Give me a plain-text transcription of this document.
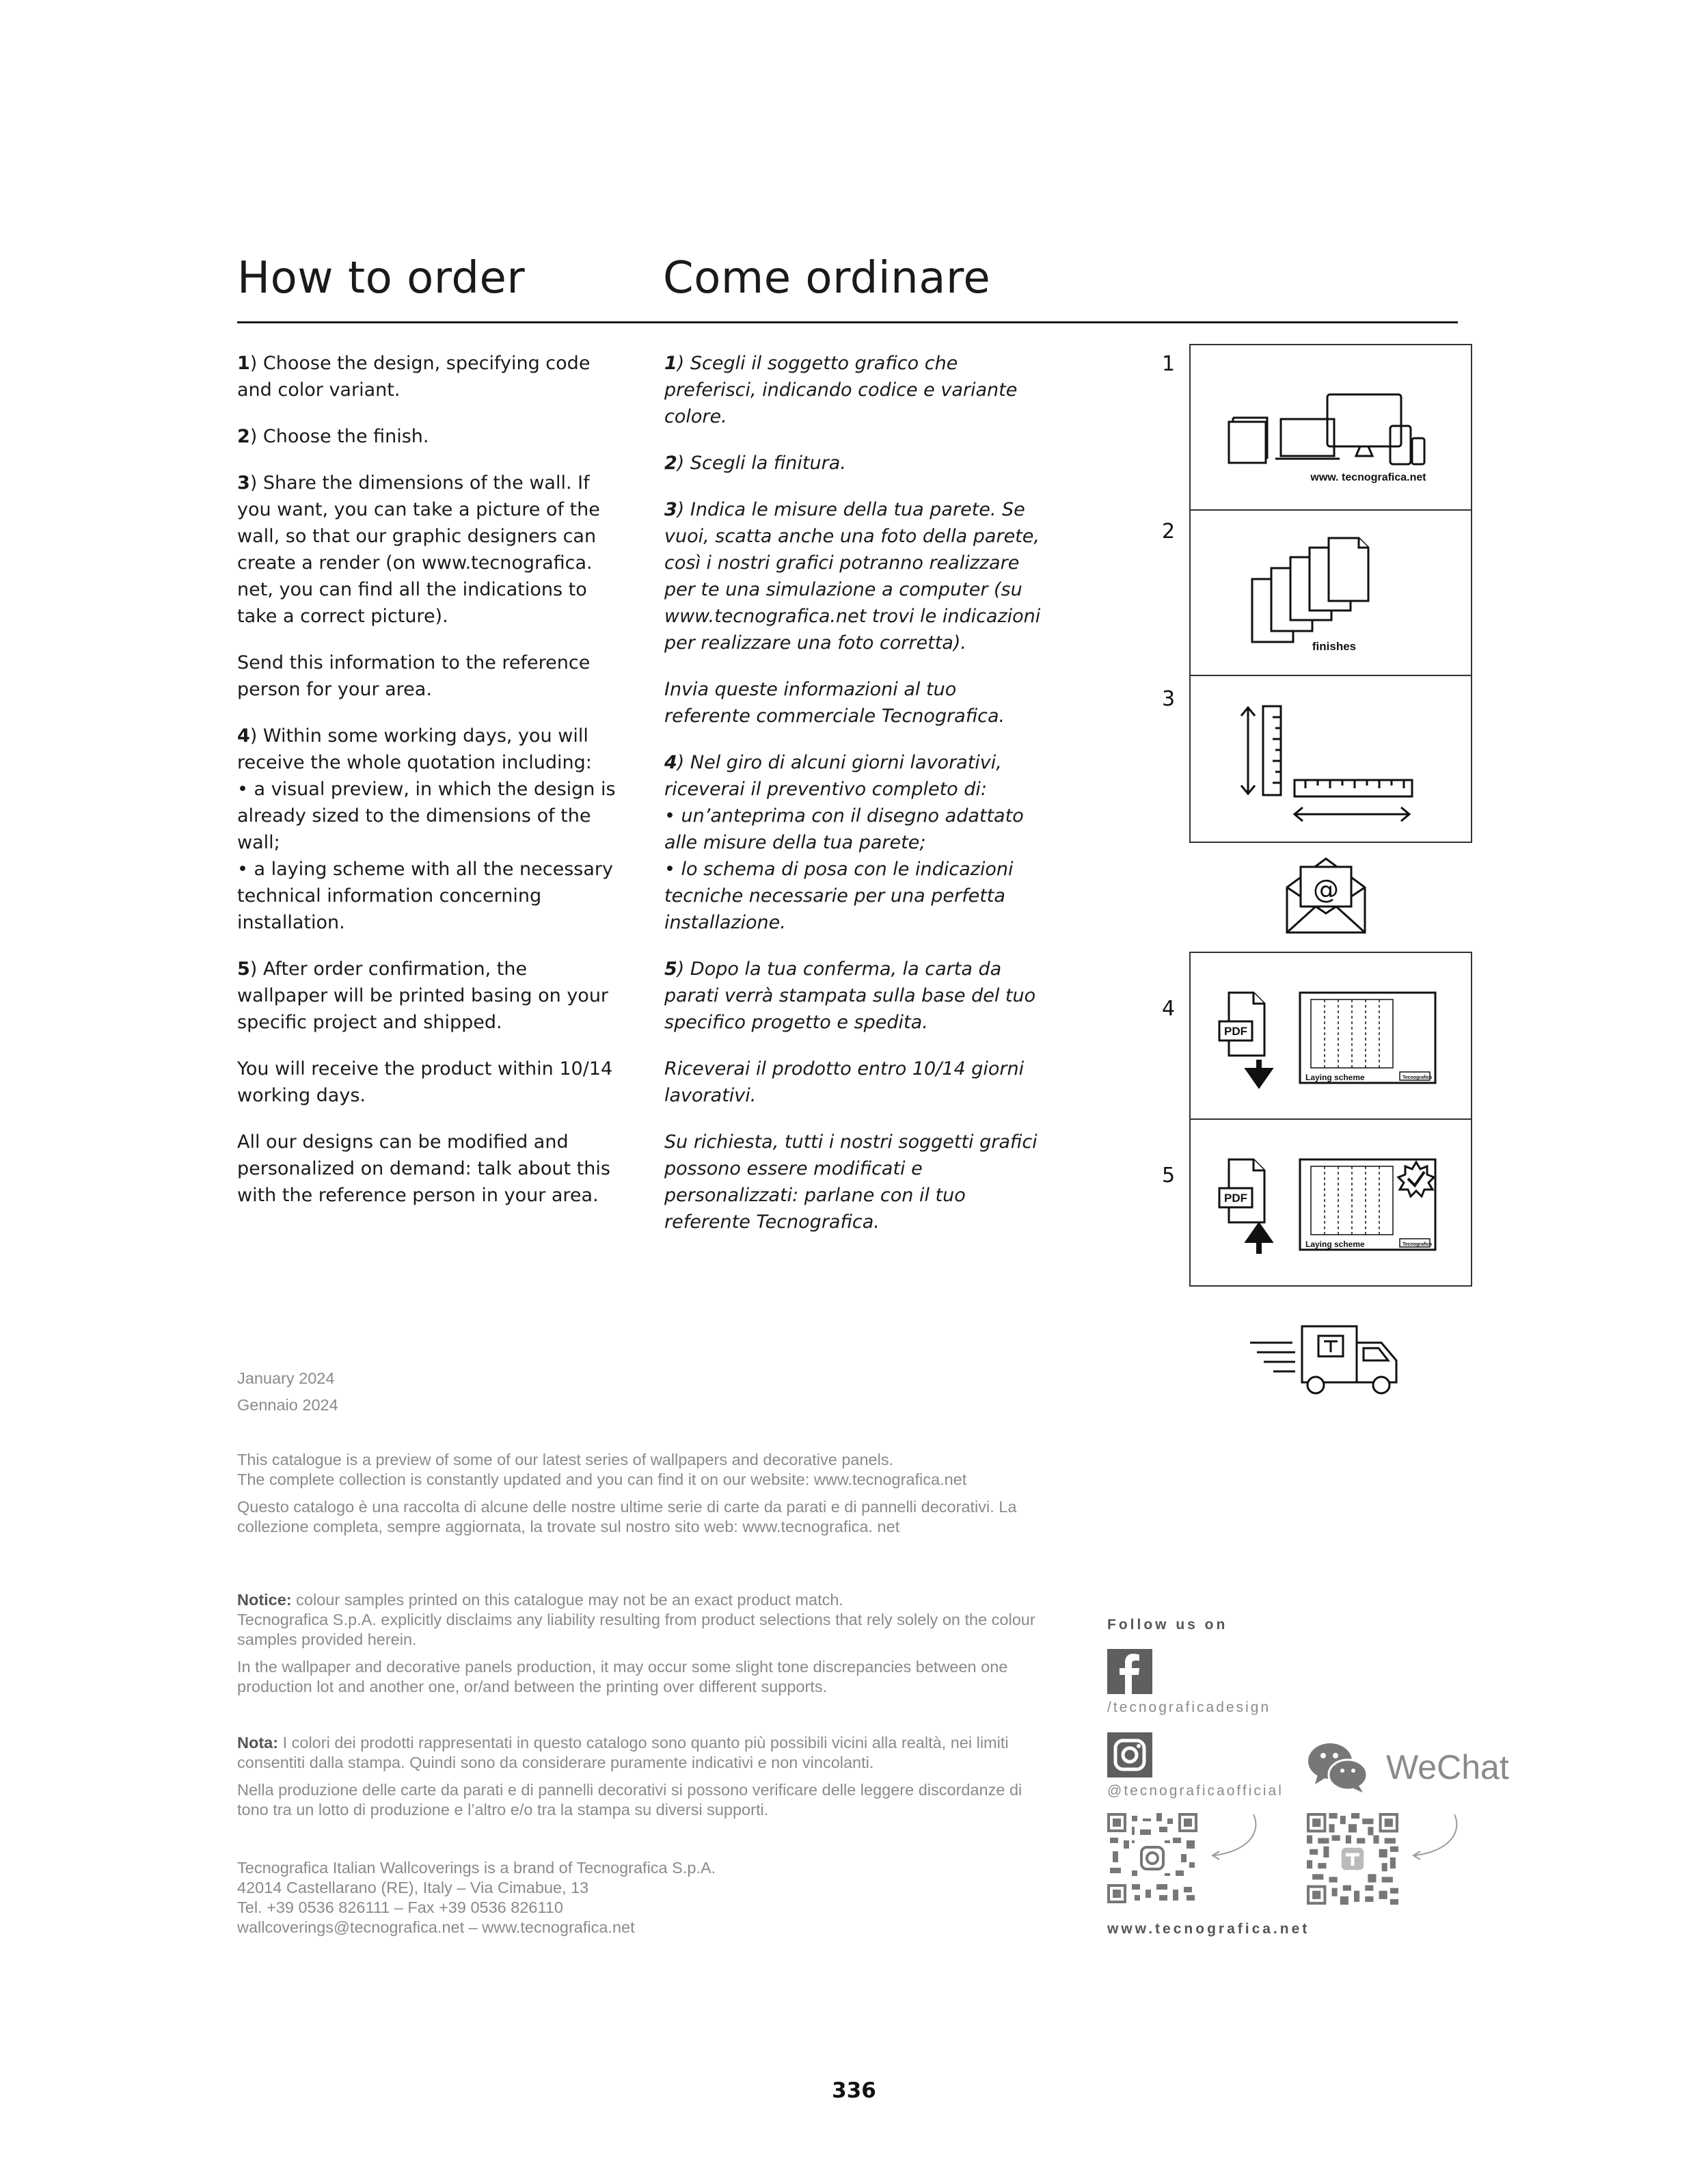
How to order	Come ordinare

1) Choose the design, specifying code and color variant.

2) Choose the finish.

3) Share the dimensions of the wall. If you want, you can take a picture of the wall, so that our graphic designers can create a render (on www.tecnografica. net, you can find all the indications to take a correct picture).

Send this information to the reference person for your area.

4) Within some working days, you will receive the whole quotation including:
• a visual preview, in which the design is already sized to the dimensions of the wall;
• a laying scheme with all the necessary technical information concerning installation.

5) After order confirmation, the wallpaper will be printed basing on your specific project and shipped.

You will receive the product within 10/14 working days.

All our designs can be modified and personalized on demand: talk about this with the reference person in your area.

1) Scegli il soggetto grafico che preferisci, indicando codice e variante colore.

2) Scegli la finitura.

3) Indica le misure della tua parete. Se vuoi, scatta anche una foto della parete, così i nostri grafici potranno realizzare per te una simulazione a computer (su www.tecnografica.net trovi le indicazioni per realizzare una foto corretta).

Invia queste informazioni al tuo referente commerciale Tecnografica.

4) Nel giro di alcuni giorni lavorativi, riceverai il preventivo completo di:
• un’anteprima con il disegno adattato alle misure della tua parete;
• lo schema di posa con le indicazioni tecniche necessarie per una perfetta installazione.

5) Dopo la tua conferma, la carta da parati verrà stampata sulla base del tuo specifico progetto e spedita.

Riceverai il prodotto entro 10/14 giorni lavorativi.

Su richiesta, tutti i nostri soggetti grafici possono essere modificati e personalizzati: parlane con il tuo referente Tecnografica.

1
2
3
4
5
www. tecnografica.net
finishes
@
PDF
Laying scheme	Tecnografica
PDF
Laying scheme	Tecnografica
January 2024
Gennaio 2024

This catalogue is a preview of some of our latest series of wallpapers and decorative panels.
The complete collection is constantly updated and you can find it on our website: www.tecnografica.net

Questo catalogo è una raccolta di alcune delle nostre ultime serie di carte da parati e di pannelli decorativi. La collezione completa, sempre aggiornata, la trovate sul nostro sito web: www.tecnografica. net

Notice: colour samples printed on this catalogue may not be an exact product match.
Tecnografica S.p.A. explicitly disclaims any liability resulting from product selections that rely solely on the colour samples provided herein.

In the wallpaper and decorative panels production, it may occur some slight tone discrepancies between one production lot and another one, or/and between the printing over different supports.

Nota: I colori dei prodotti rappresentati in questo catalogo sono quanto più possibili vicini alla realtà, nei limiti consentiti dalla stampa. Quindi sono da considerare puramente indicativi e non vincolanti.

Nella produzione delle carte da parati e di pannelli decorativi si possono verificare delle leggere discordanze di tono tra un lotto di produzione e l’altro e/o tra la stampa su diversi supporti.

Tecnografica Italian Wallcoverings is a brand of Tecnografica S.p.A.
42014 Castellarano (RE), Italy – Via Cimabue, 13
Tel. +39 0536 826111 – Fax +39 0536 826110
wallcoverings@tecnografica.net – www.tecnografica.net
Follow us on
/tecnograficadesign
@tecnograficaofficial
WeChat
www.tecnografica.net
336
